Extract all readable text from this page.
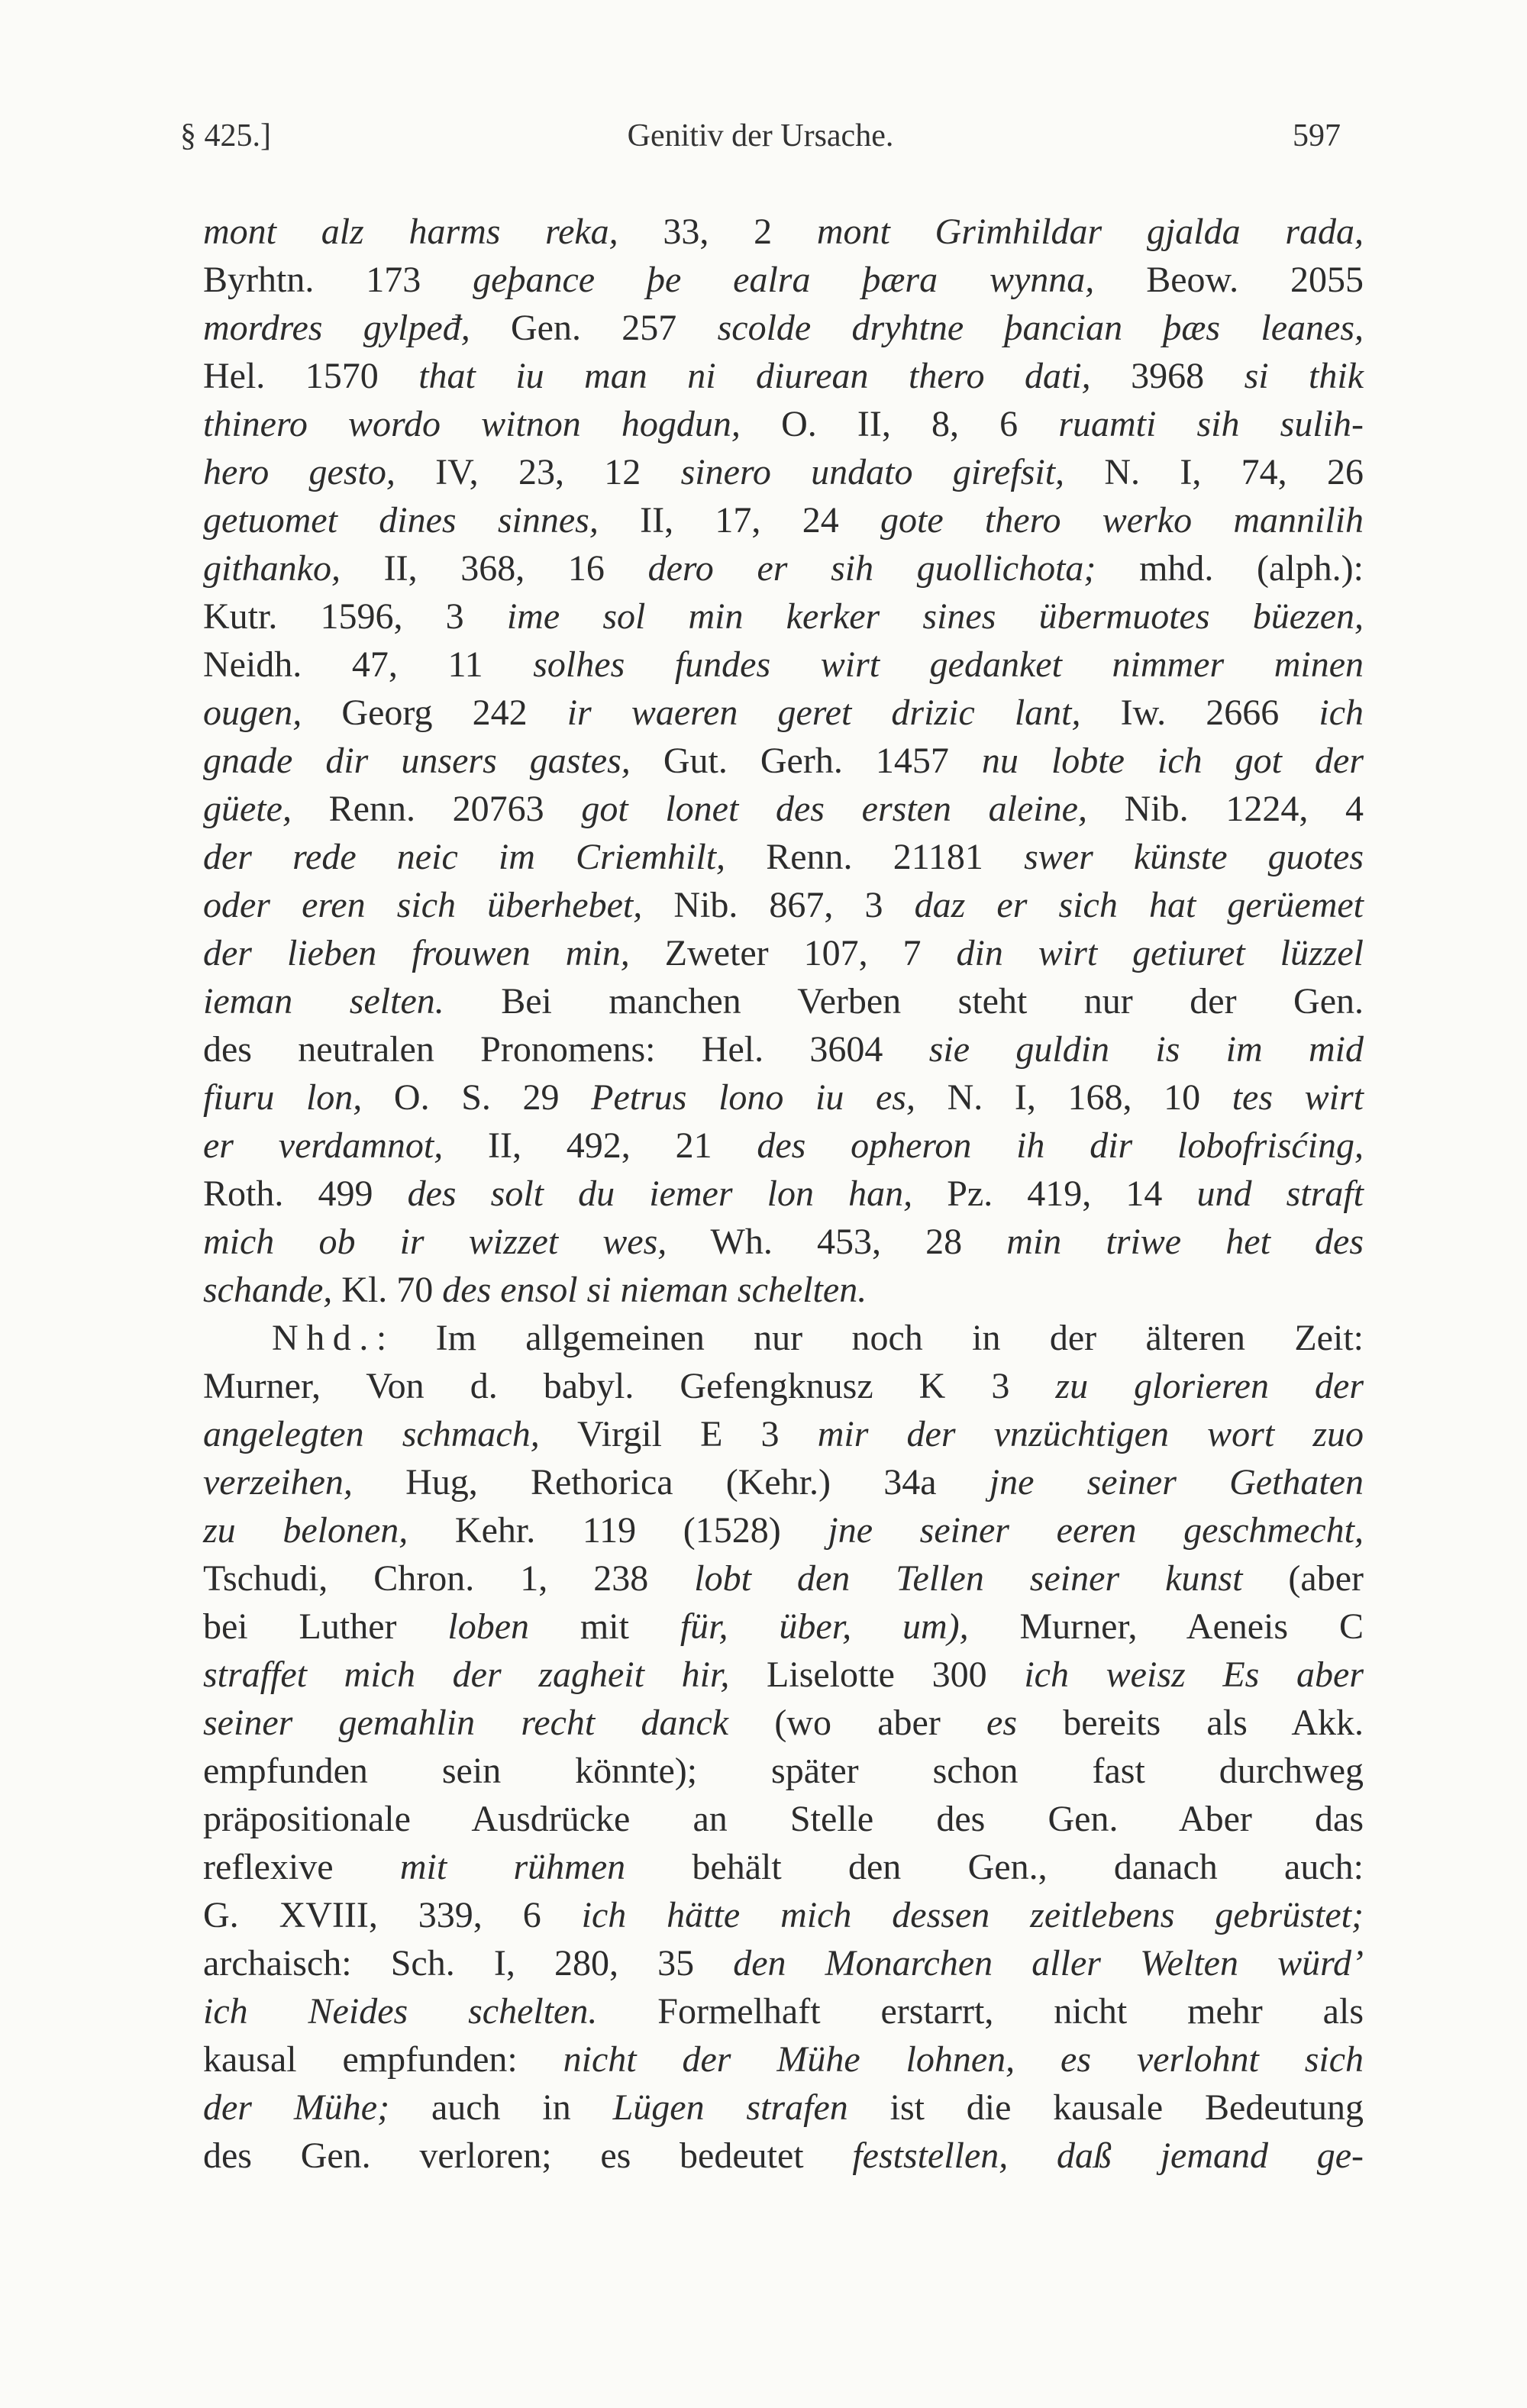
§ 425.]	Genitiv der Ursache.	597
mont alz harms reka, 33, 2 mont Grimhildar gjalda rada,
Byrhtn. 173 geþance þe ealra þæra wynna, Beow. 2055
mordres gylpeđ, Gen. 257 scolde dryhtne þancian þæs leanes,
Hel. 1570 that iu man ni diurean thero dati, 3968 si thik
thinero wordo witnon hogdun, O. II, 8, 6 ruamti sih sulih-
hero gesto, IV, 23, 12 sinero undato girefsit, N. I, 74, 26
getuomet dines sinnes, II, 17, 24 gote thero werko mannilih
githanko, II, 368, 16 dero er sih guollichota; mhd. (alph.):
Kutr. 1596, 3 ime sol min kerker sines übermuotes büezen,
Neidh. 47, 11 solhes fundes wirt gedanket nimmer minen
ougen, Georg 242 ir waeren geret drizic lant, Iw. 2666 ich
gnade dir unsers gastes, Gut. Gerh. 1457 nu lobte ich got der
güete, Renn. 20763 got lonet des ersten aleine, Nib. 1224, 4
der rede neic im Criemhilt, Renn. 21181 swer künste guotes
oder eren sich überhebet, Nib. 867, 3 daz er sich hat gerüemet
der lieben frouwen min, Zweter 107, 7 din wirt getiuret lüzzel
ieman selten. Bei manchen Verben steht nur der Gen.
des neutralen Pronomens: Hel. 3604 sie guldin is im mid
fiuru lon, O. S. 29 Petrus lono iu es, N. I, 168, 10 tes wirt
er verdamnot, II, 492, 21 des opheron ih dir lobofrisćing,
Roth. 499 des solt du iemer lon han, Pz. 419, 14 und straft
mich ob ir wizzet wes, Wh. 453, 28 min triwe het des
schande, Kl. 70 des ensol si nieman schelten.
Nhd.: Im allgemeinen nur noch in der älteren Zeit:
Murner, Von d. babyl. Gefengknusz K 3 zu glorieren der
angelegten schmach, Virgil E 3 mir der vnzüchtigen wort zuo
verzeihen, Hug, Rethorica (Kehr.) 34a jne seiner Gethaten
zu belonen, Kehr. 119 (1528) jne seiner eeren geschmecht,
Tschudi, Chron. 1, 238 lobt den Tellen seiner kunst (aber
bei Luther loben mit für, über, um), Murner, Aeneis C
straffet mich der zagheit hir, Liselotte 300 ich weisz Es aber
seiner gemahlin recht danck (wo aber es bereits als Akk.
empfunden sein könnte); später schon fast durchweg
präpositionale Ausdrücke an Stelle des Gen. Aber das
reflexive mit rühmen behält den Gen., danach auch:
G. XVIII, 339, 6 ich hätte mich dessen zeitlebens gebrüstet;
archaisch: Sch. I, 280, 35 den Monarchen aller Welten würd’
ich Neides schelten. Formelhaft erstarrt, nicht mehr als
kausal empfunden: nicht der Mühe lohnen, es verlohnt sich
der Mühe; auch in Lügen strafen ist die kausale Bedeutung
des Gen. verloren; es bedeutet feststellen, daß jemand ge-
